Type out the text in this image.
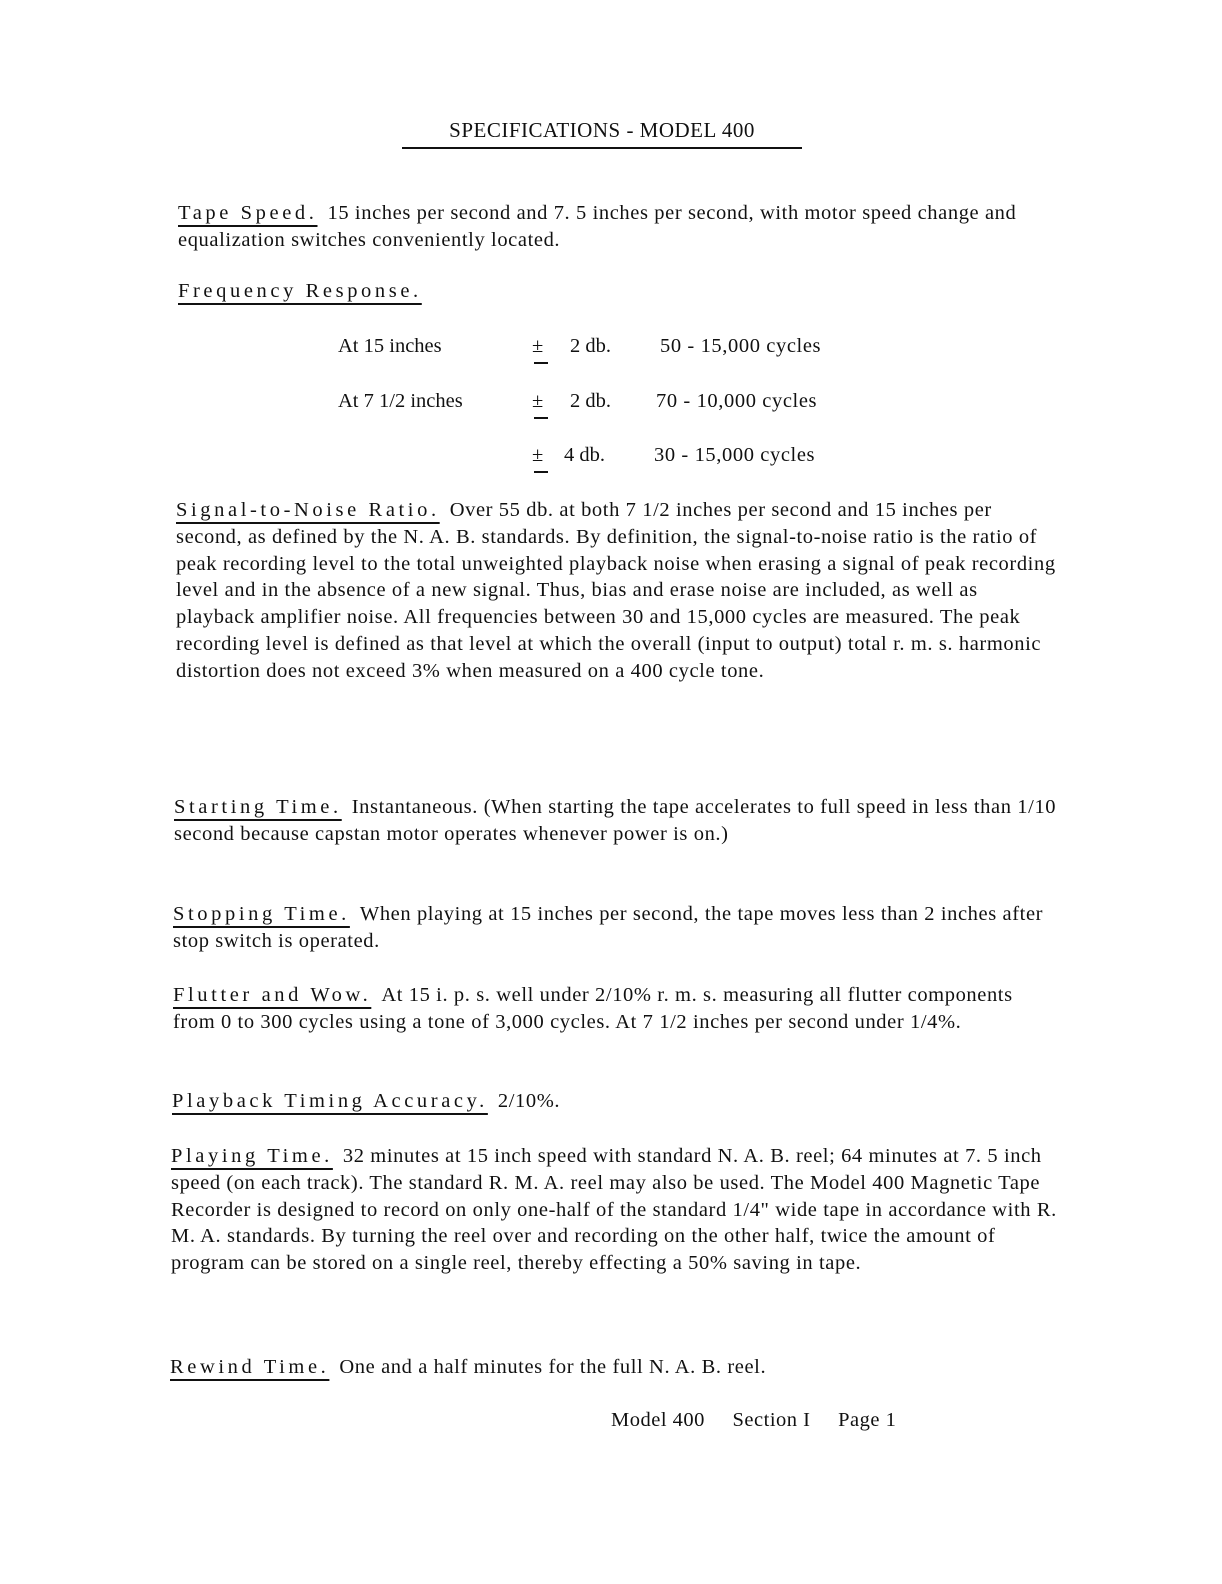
SPECIFICATIONS - MODEL 400
Tape Speed. 15 inches per second and 7. 5 inches per second, with motor speed change and equalization switches conveniently located.
Frequency Response.
At 15 inches	± 2 db. 50 - 15,000 cycles
At 7 1/2 inches	± 2 db. 70 - 10,000 cycles
± 4 db. 30 - 15,000 cycles
Signal-to-Noise Ratio. Over 55 db. at both 7 1/2 inches per second and 15 inches per second, as defined by the N. A. B. standards. By definition, the signal-to-noise ratio is the ratio of peak recording level to the total unweighted playback noise when erasing a signal of peak recording level and in the absence of a new signal. Thus, bias and erase noise are included, as well as playback amplifier noise. All frequencies between 30 and 15,000 cycles are measured. The peak recording level is defined as that level at which the overall (input to output) total r. m. s. harmonic distortion does not exceed 3% when measured on a 400 cycle tone.
Starting Time. Instantaneous. (When starting the tape accelerates to full speed in less than 1/10 second because capstan motor operates whenever power is on.)
Stopping Time. When playing at 15 inches per second, the tape moves less than 2 inches after stop switch is operated.
Flutter and Wow. At 15 i. p. s. well under 2/10% r. m. s. measuring all flutter components from 0 to 300 cycles using a tone of 3,000 cycles. At 7 1/2 inches per second under 1/4%.
Playback Timing Accuracy. 2/10%.
Playing Time. 32 minutes at 15 inch speed with standard N. A. B. reel; 64 minutes at 7. 5 inch speed (on each track). The standard R. M. A. reel may also be used. The Model 400 Magnetic Tape Recorder is designed to record on only one-half of the standard 1/4" wide tape in accordance with R. M. A. standards. By turning the reel over and recording on the other half, twice the amount of program can be stored on a single reel, thereby effecting a 50% saving in tape.
Rewind Time. One and a half minutes for the full N. A. B. reel.
Model 400 Section I Page 1
